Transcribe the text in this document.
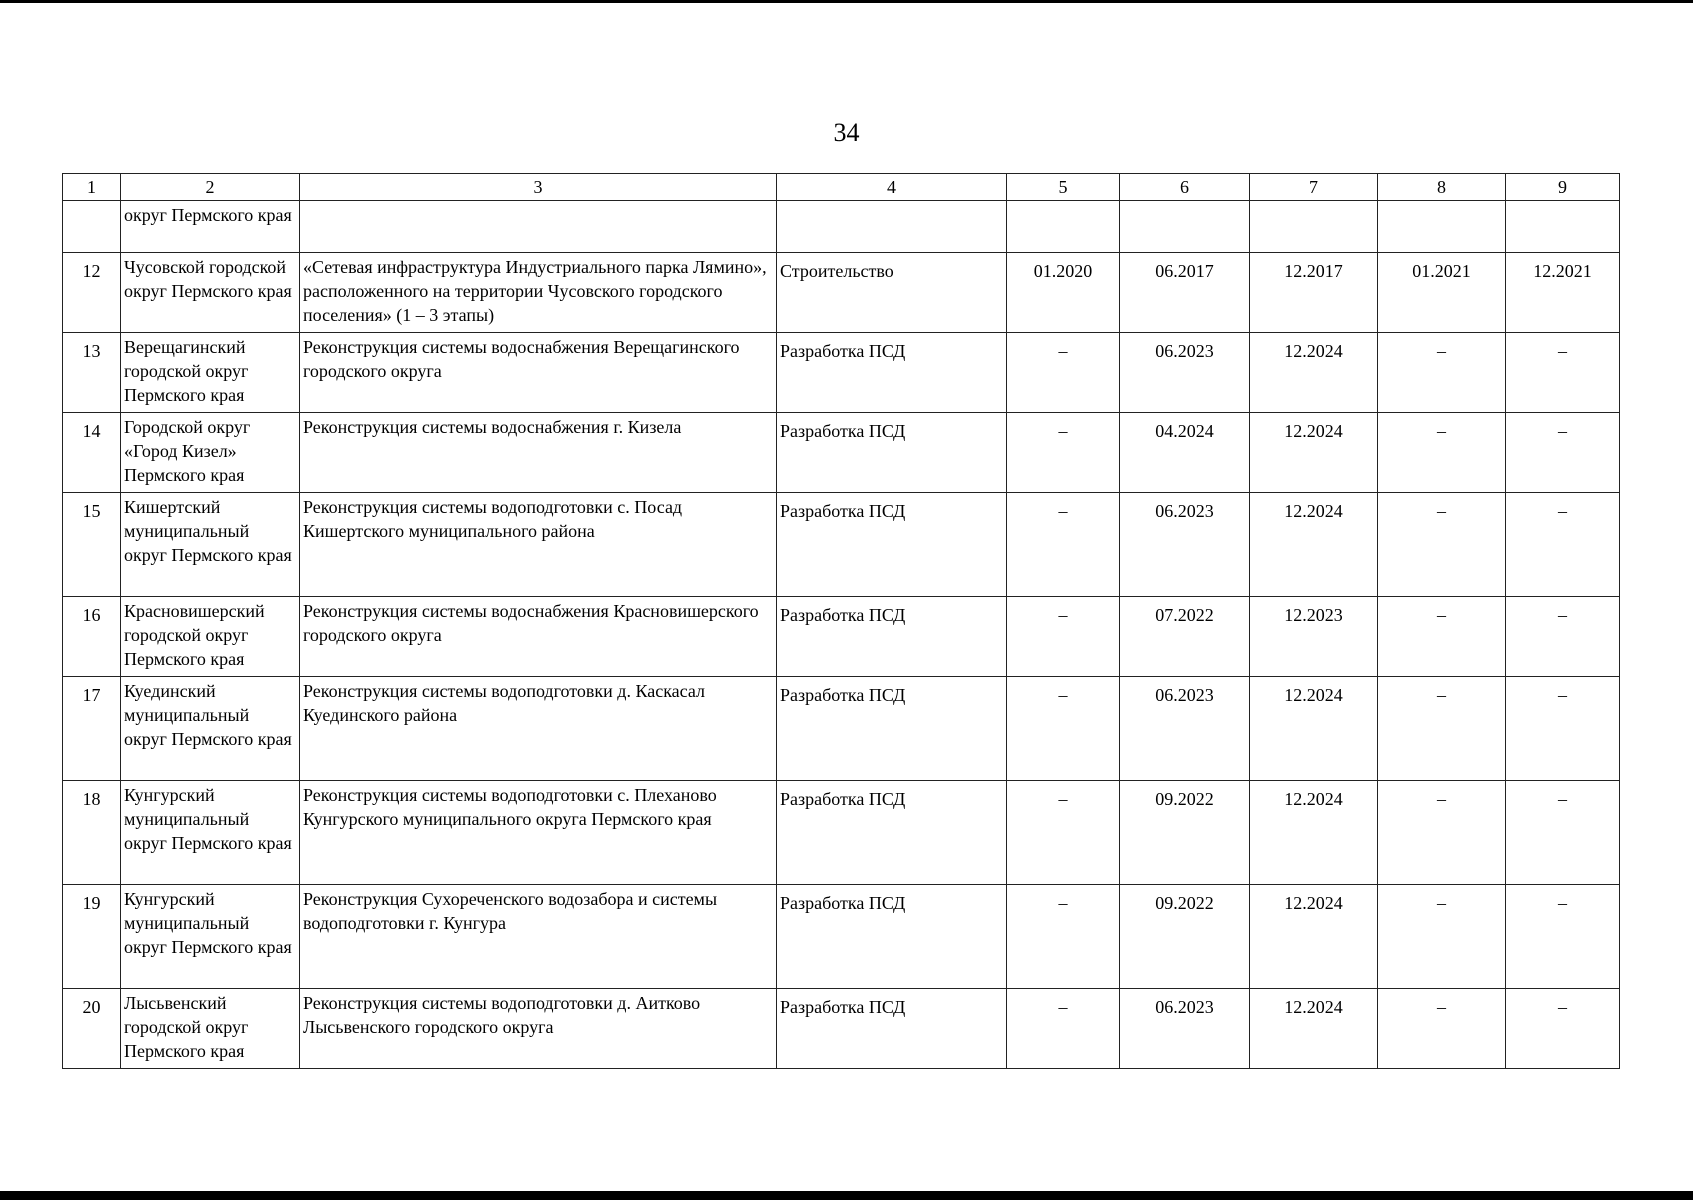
34
1	2	3	4	5	6	7	8	9
	округ Пермского края							
12	Чусовской городской округ Пермского края	«Сетевая инфраструктура Индустриального парка Лямино», расположенного на территории Чусовского городского поселения» (1 – 3 этапы)	Строительство	01.2020	06.2017	12.2017	01.2021	12.2021
13	Верещагинский городской округ Пермского края	Реконструкция системы водоснабжения Верещагинского городского округа	Разработка ПСД	–	06.2023	12.2024	–	–
14	Городской округ «Город Кизел» Пермского края	Реконструкция системы водоснабжения г. Кизела	Разработка ПСД	–	04.2024	12.2024	–	–
15	Кишертский муниципальный округ Пермского края	Реконструкция системы водоподготовки с. Посад Кишертского муниципального района	Разработка ПСД	–	06.2023	12.2024	–	–
16	Красновишерский городской округ Пермского края	Реконструкция системы водоснабжения Красновишерского городского округа	Разработка ПСД	–	07.2022	12.2023	–	–
17	Куединский муниципальный округ Пермского края	Реконструкция системы водоподготовки д. Каскасал Куединского района	Разработка ПСД	–	06.2023	12.2024	–	–
18	Кунгурский муниципальный округ Пермского края	Реконструкция системы водоподготовки с. Плеханово Кунгурского муниципального округа Пермского края	Разработка ПСД	–	09.2022	12.2024	–	–
19	Кунгурский муниципальный округ Пермского края	Реконструкция Сухореченского водозабора и системы водоподготовки г. Кунгура	Разработка ПСД	–	09.2022	12.2024	–	–
20	Лысьвенский городской округ Пермского края	Реконструкция системы водоподготовки д. Аитково Лысьвенского городского округа	Разработка ПСД	–	06.2023	12.2024	–	–
